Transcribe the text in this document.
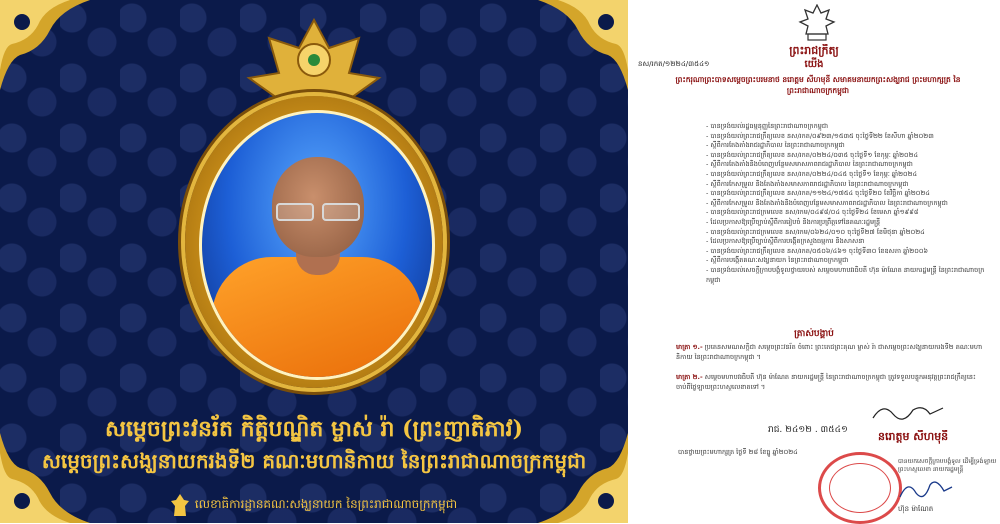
សម្តេចព្រះវនរ័ត កិត្តិបណ្ឌិត ម្ចាស់ រ៉ា (ព្រះញាតិភាវ)
សម្តេចព្រះសង្ឃនាយករងទី២ គណៈមហានិកាយ នៃព្រះរាជាណាចក្រកម្ពុជា
លេខាធិការដ្ឋានគណៈសង្ឃនាយក នៃព្រះរាជាណាចក្រកម្ពុជា
ព្រះរាជក្រឹត្យ
នស/រកត/១២២៤/៣៥៤១	យើង
ព្រះករុណាព្រះបាទសម្តេចព្រះបរមនាថ នរោត្តម សីហមុនី សមាគមនាយកព្រះសង្ឃរាជ ព្រះមហាក្សត្រ នៃព្រះរាជាណាចក្រកម្ពុជា
- បានទ្រង់យល់រដ្ឋធម្មនុញ្ញនៃព្រះរាជាណាចក្រកម្ពុជា
- បានទ្រង់យល់ព្រះរាជក្រឹត្យលេខ នស/រកត/០៩២៣/១៥៣៥ ចុះថ្ងៃទី២២ ខែសីហា ឆ្នាំ២០២៣
- ស្តីពីការតែងតាំងរាជរដ្ឋាភិបាល នៃព្រះរាជាណាចក្រកម្ពុជា
- បានទ្រង់យល់ព្រះរាជក្រឹត្យលេខ នស/រកត/០២២៤/០៣៥ ចុះថ្ងៃទី១ ខែកុម្ភៈ ឆ្នាំ២០២៤
- ស្តីពីការតែងតាំងនិងបំពេញបន្ថែមសមាសភាពរាជរដ្ឋាភិបាល នៃព្រះរាជាណាចក្រកម្ពុជា
- បានទ្រង់យល់ព្រះរាជក្រឹត្យលេខ នស/រកត/០២២៤/០៤៥ ចុះថ្ងៃទី១ ខែកុម្ភៈ ឆ្នាំ២០២៤
- ស្តីពីការកែសម្រួល និងតែងតាំងសមាសភាពរាជរដ្ឋាភិបាល នៃព្រះរាជាណាចក្រកម្ពុជា
- បានទ្រង់យល់ព្រះរាជក្រឹត្យលេខ នស/រកត/១១២៤/១៧៥៤ ចុះថ្ងៃទី២០ ខែវិច្ឆិកា ឆ្នាំ២០២៤
- ស្តីពីការកែសម្រួល និងតែងតាំងនិងបំពេញបន្ថែមសមាសភាពរាជរដ្ឋាភិបាល នៃព្រះរាជាណាចក្រកម្ពុជា
- បានទ្រង់យល់ព្រះរាជក្រមលេខ នស/រកម/០៤៩៨/០៤ ចុះថ្ងៃទី២៤ ខែមេសា ឆ្នាំ១៩៩៨
- ដែលប្រកាសឱ្យប្រើច្បាប់ស្តីពីការរៀបចំ និងការប្រព្រឹត្តទៅនៃគណៈរដ្ឋមន្ត្រី
- បានទ្រង់យល់ព្រះរាជក្រមលេខ នស/រកម/០៦២៤/០១០ ចុះថ្ងៃទី២៧ ខែមិថុនា ឆ្នាំ២០២៤
- ដែលប្រកាសឱ្យប្រើច្បាប់ស្តីពីការបង្កើតក្រសួងធម្មការ និងសាសនា
- បានទ្រង់យល់ព្រះរាជក្រឹត្យលេខ នស/រកត/០៥០៦/៤៦១ ចុះថ្ងៃទី៣០ ខែឧសភា ឆ្នាំ២០០៦
- ស្តីពីការបង្កើតគណៈសង្ឃនាយក នៃព្រះរាជាណាចក្រកម្ពុជា
- បានទ្រង់យល់សេចក្តីក្រាបបង្គំទូលថ្វាយរបស់ សម្តេចមហាបវរធិបតី ហ៊ុន ម៉ាណែត នាយករដ្ឋមន្ត្រី នៃព្រះរាជាណាចក្រកម្ពុជា
ត្រាស់បង្គាប់
មាត្រា ១.- ប្រគេនសមណសក្តិជា សម្តេចព្រះវនរ័ត ចំពោះ ព្រះតេជព្រះគុណ ម្ចាស់ រ៉ា ជាសម្តេចព្រះសង្ឃនាយករងទី២ គណៈមហានិកាយ នៃព្រះរាជាណាចក្រកម្ពុជា ។
មាត្រា ២.- សម្តេចមហាបវរធិបតី ហ៊ុន ម៉ាណែត នាយករដ្ឋមន្ត្រី នៃព្រះរាជាណាចក្រកម្ពុជា ត្រូវទទួលបន្ទុកអនុវត្តព្រះរាជក្រឹត្យនេះ ចាប់ពីថ្ងៃឡាយព្រះហស្ថលេខាតទៅ ។
រាជ. ២៤១២ . ៣៥៤១	នរោត្តម សីហមុនី
បានថ្វាយព្រះមហាក្សត្រ ថ្ងៃទី ២៨ ខែធ្នូ ឆ្នាំ២០២៤
បានយកសេចក្តីក្រាបបង្គំទូល ដើម្បីទ្រង់ឡាយព្រះហស្ថលេខា នាយករដ្ឋមន្ត្រី
ហ៊ុន ម៉ាណែត
